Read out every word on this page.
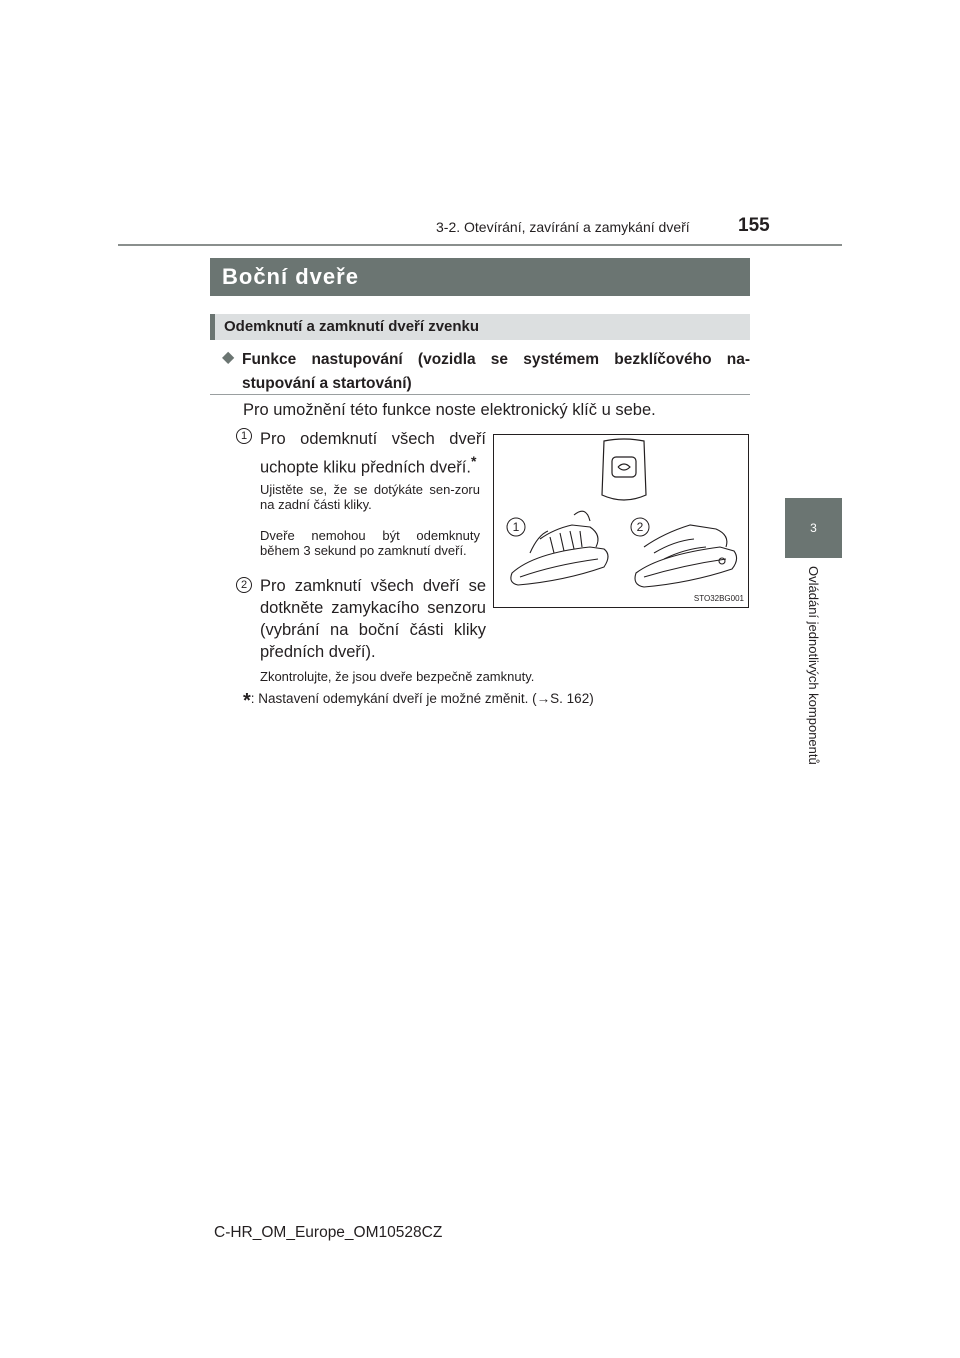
3-2. Otevírání, zavírání a zamykání dveří	155
3
Ovládání jednotlivých komponentů
Boční dveře
Odemknutí a zamknutí dveří zvenku
◆ Funkce nastupování (vozidla se systémem bezklíčového na-stupování a startování)
Pro umožnění této funkce noste elektronický klíč u sebe.
1 Pro odemknutí všech dveří
uchopte kliku předních dveří.*
Ujistěte se, že se dotýkáte sen-zoru na zadní části kliky.
Dveře nemohou být odemknuty během 3 sekund po zamknutí dveří.
2 Pro zamknutí všech dveří se dotkněte zamykacího senzoru (vybrání na boční části kliky předních dveří).
Zkontrolujte, že jsou dveře bezpečně zamknuty.
1	2
STO32BG001
*: Nastavení odemykání dveří je možné změnit. (→S. 162)
C-HR_OM_Europe_OM10528CZ
